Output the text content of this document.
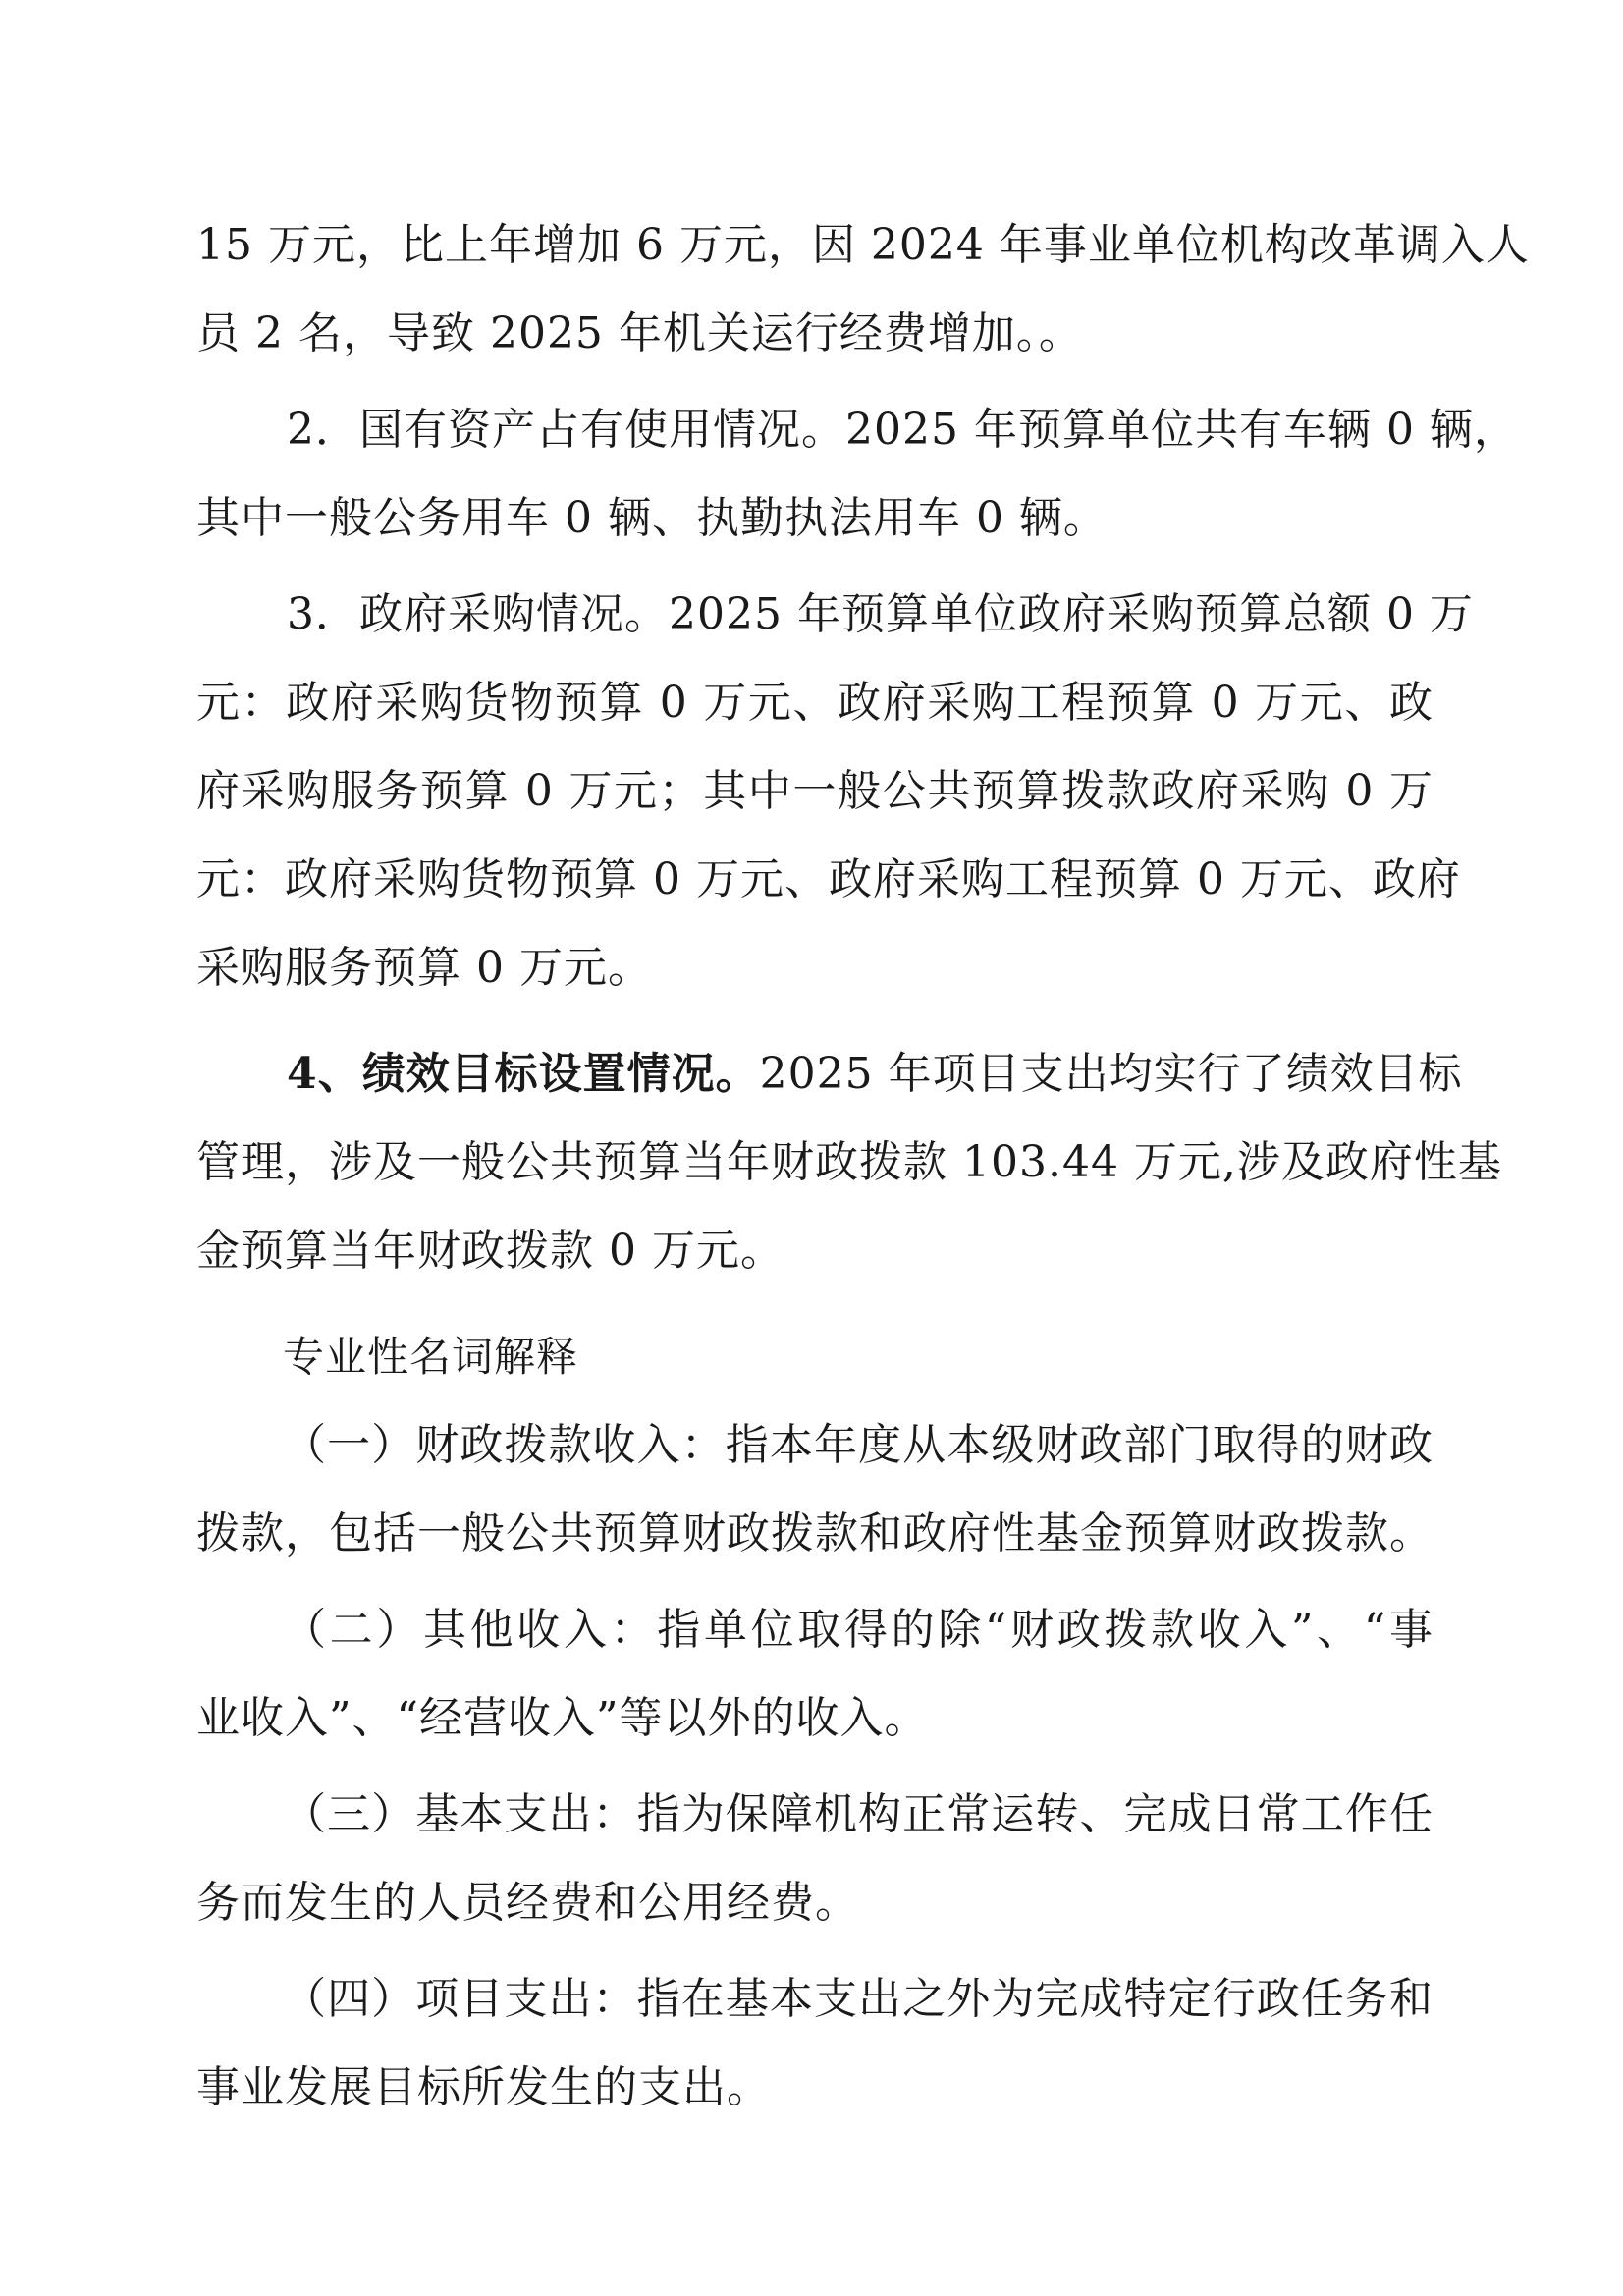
15 万元，比上年增加 6 万元，因 2024 年事业单位机构改革调入人
员 2 名，导致 2025 年机关运行经费增加。。
2．国有资产占有使用情况。2025 年预算单位共有车辆 0 辆，
其中一般公务用车 0 辆、执勤执法用车 0 辆。
3．政府采购情况。2025 年预算单位政府采购预算总额 0 万
元：政府采购货物预算 0 万元、政府采购工程预算 0 万元、政
府采购服务预算 0 万元；其中一般公共预算拨款政府采购 0 万
元：政府采购货物预算 0 万元、政府采购工程预算 0 万元、政府
采购服务预算 0 万元。
4、绩效目标设置情况。2025 年项目支出均实行了绩效目标
管理，涉及一般公共预算当年财政拨款 103.44 万元,涉及政府性基
金预算当年财政拨款 0 万元。
专业性名词解释
（一）财政拨款收入：指本年度从本级财政部门取得的财政
拨款，包括一般公共预算财政拨款和政府性基金预算财政拨款。
（二）其他收入：指单位取得的除“财政拨款收入”、“事
业收入”、“经营收入”等以外的收入。
（三）基本支出：指为保障机构正常运转、完成日常工作任
务而发生的人员经费和公用经费。
（四）项目支出：指在基本支出之外为完成特定行政任务和
事业发展目标所发生的支出。
